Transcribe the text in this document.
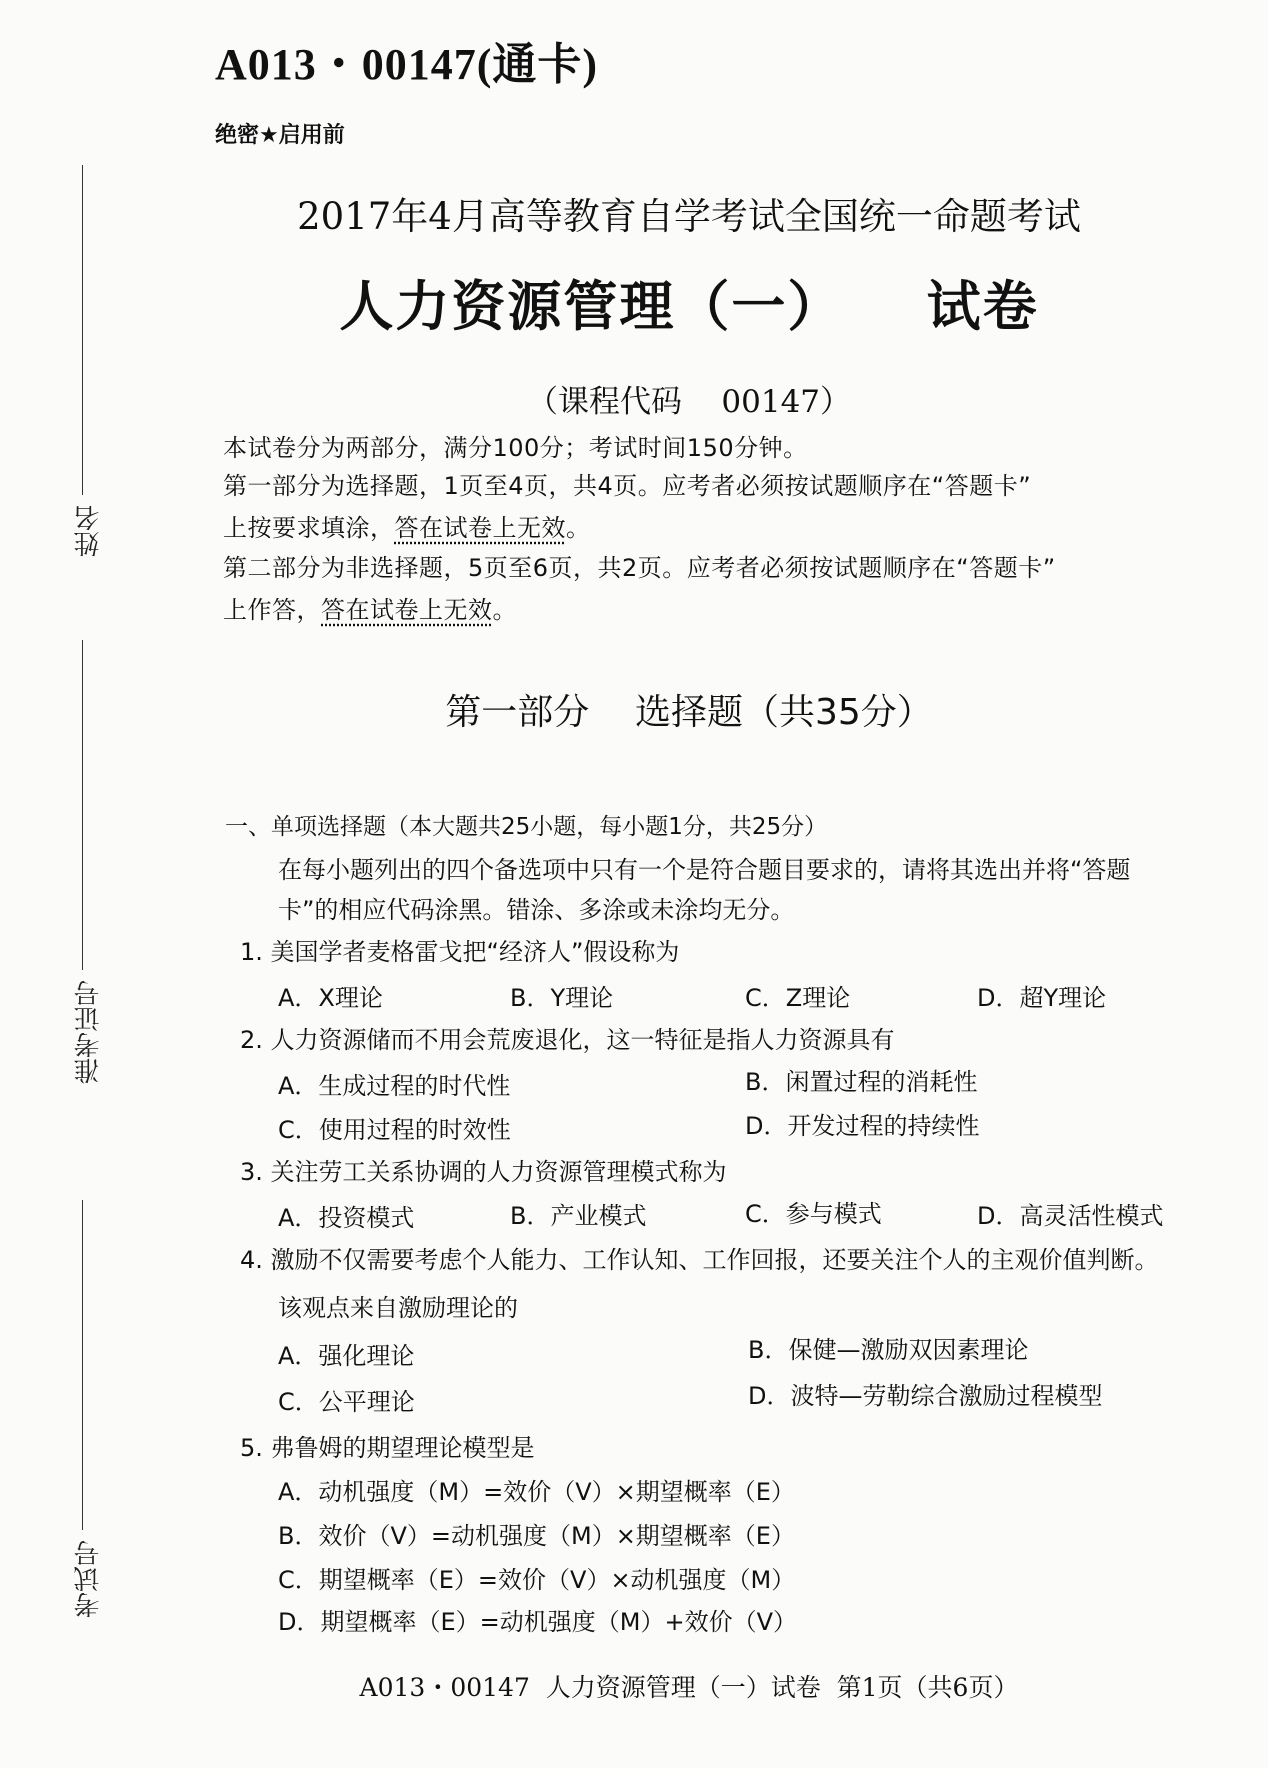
姓名
准考证号
考试号
A013・00147(通卡)
绝密★启用前
2017年4月高等教育自学考试全国统一命题考试
人力资源管理（一）    试卷
（课程代码    00147）
本试卷分为两部分，满分100分；考试时间150分钟。
第一部分为选择题，1页至4页，共4页。应考者必须按试题顺序在“答题卡”
上按要求填涂，答在试卷上无效。
第二部分为非选择题，5页至6页，共2页。应考者必须按试题顺序在“答题卡”
上作答，答在试卷上无效。
第一部分    选择题（共35分）
一、单项选择题（本大题共25小题，每小题1分，共25分）
在每小题列出的四个备选项中只有一个是符合题目要求的，请将其选出并将“答题
卡”的相应代码涂黑。错涂、多涂或未涂均无分。
1. 美国学者麦格雷戈把“经济人”假设称为
A．X理论	B．Y理论	C．Z理论	D．超Y理论
2. 人力资源储而不用会荒废退化，这一特征是指人力资源具有
A．生成过程的时代性	B．闲置过程的消耗性
C．使用过程的时效性	D．开发过程的持续性
3. 关注劳工关系协调的人力资源管理模式称为
A．投资模式	B．产业模式	C．参与模式	D．高灵活性模式
4. 激励不仅需要考虑个人能力、工作认知、工作回报，还要关注个人的主观价值判断。
该观点来自激励理论的
A．强化理论	B．保健—激励双因素理论
C．公平理论	D．波特—劳勒综合激励过程模型
5. 弗鲁姆的期望理论模型是
A．动机强度（M）=效价（V）×期望概率（E）
B．效价（V）=动机强度（M）×期望概率（E）
C．期望概率（E）=效价（V）×动机强度（M）
D．期望概率（E）=动机强度（M）+效价（V）
A013・00147  人力资源管理（一）试卷  第1页（共6页）
